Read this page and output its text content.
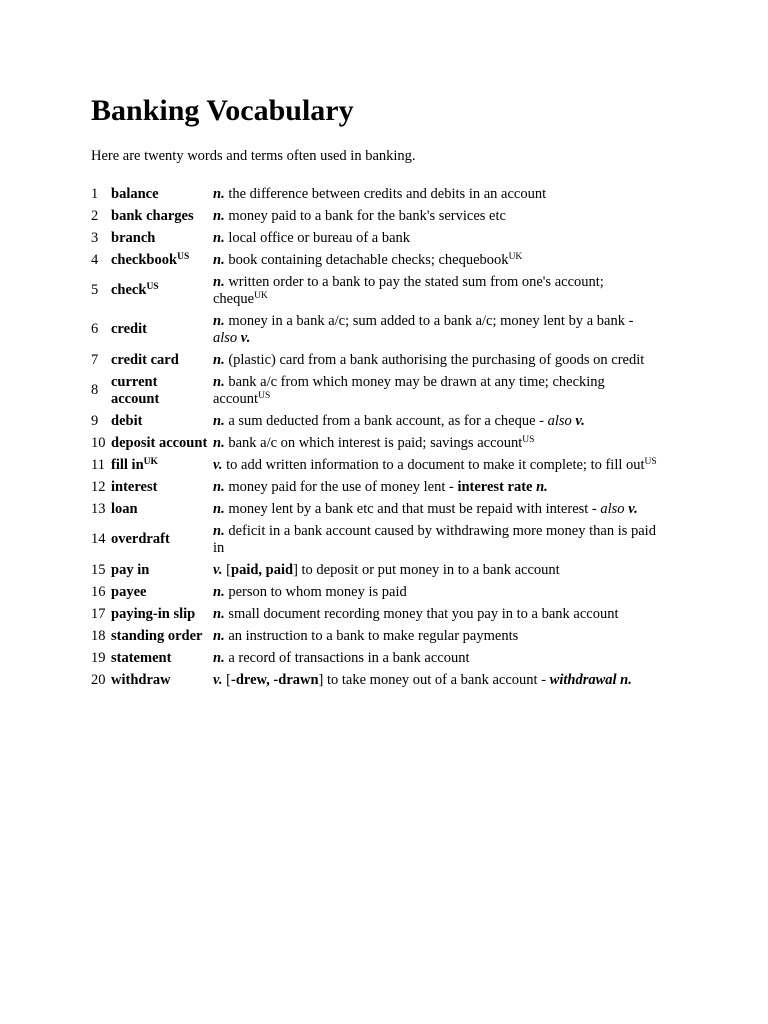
Banking Vocabulary

Here are twenty words and terms often used in banking.

1	balance	n. the difference between credits and debits in an account
2	bank charges	n. money paid to a bank for the bank's services etc
3	branch	n. local office or bureau of a bank
4	checkbook$^{US}$	n. book containing detachable checks; chequebook$^{UK}$
5	check$^{US}$	n. written order to a bank to pay the stated sum from one's account; cheque$^{UK}$
6	credit	n. money in a bank a/c; sum added to a bank a/c; money lent by a bank - also v.
7	credit card	n. (plastic) card from a bank authorising the purchasing of goods on credit
8	current account	n. bank a/c from which money may be drawn at any time; checking account$^{US}$
9	debit	n. a sum deducted from a bank account, as for a cheque - also v.
10	deposit account	n. bank a/c on which interest is paid; savings account$^{US}$
11	fill $in^{UK}$	v. to add written information to a document to make it complete; to fill out$^{US}$
12	interest	n. money paid for the use of money lent - interest rate n.
13	loan	n. money lent by a bank etc and that must be repaid with interest - also v.
14	overdraft	n. deficit in a bank account caused by withdrawing more money than is paid in
15	pay in	v. [paid, paid] to deposit or put money in to a bank account
16	payee	n. person to whom money is paid
17	paying-in slip	n. small document recording money that you pay in to a bank account
18	standing order	n. an instruction to a bank to make regular payments
19	statement	n. a record of transactions in a bank account
20	withdraw	v. [-drew, -drawn] to take money out of a bank account - withdrawal n.
